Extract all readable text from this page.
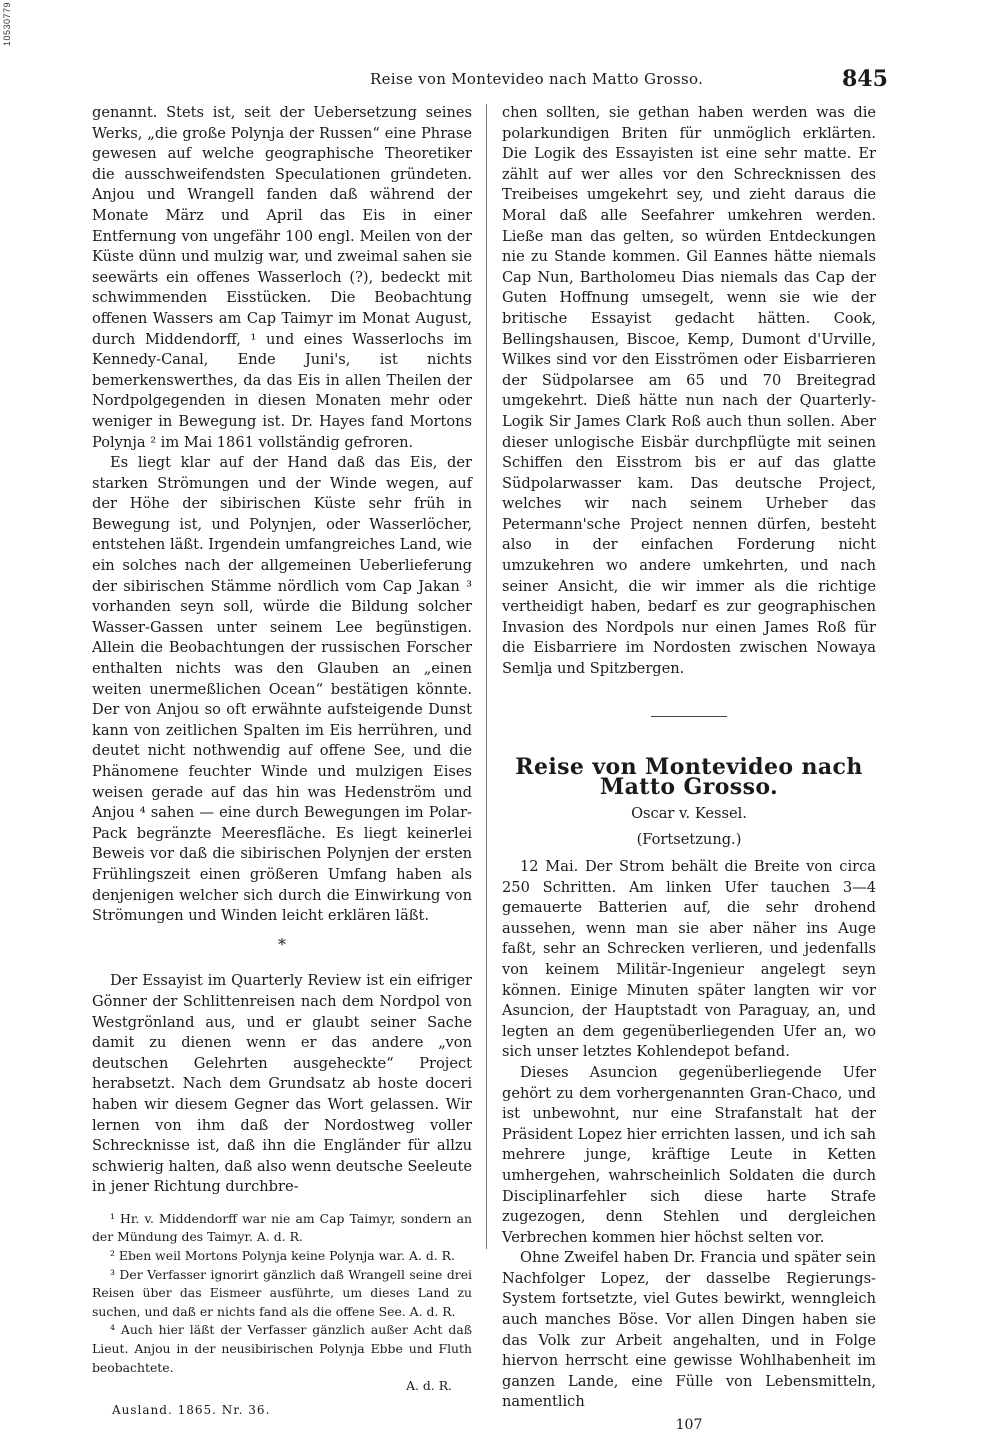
10530779
Reise von Montevideo nach Matto Grosso.	845

genannt. Stets ist, seit der Uebersetzung seines Werks, „die große Polynja der Russen“ eine Phrase gewesen auf welche geographische Theoretiker die ausschweifendsten Speculationen gründeten. Anjou und Wrangell fanden daß während der Monate März und April das Eis in einer Entfernung von ungefähr 100 engl. Meilen von der Küste dünn und mulzig war, und zweimal sahen sie seewärts ein offenes Wasserloch (?), bedeckt mit schwimmenden Eisstücken. Die Beobachtung offenen Wassers am Cap Taimyr im Monat August, durch Middendorff, ¹ und eines Wasserlochs im Kennedy-Canal, Ende Juni's, ist nichts bemerkenswerthes, da das Eis in allen Theilen der Nordpolgegenden in diesen Monaten mehr oder weniger in Bewegung ist. Dr. Hayes fand Mortons Polynja ² im Mai 1861 vollständig gefroren.

Es liegt klar auf der Hand daß das Eis, der starken Strömungen und der Winde wegen, auf der Höhe der sibirischen Küste sehr früh in Bewegung ist, und Polynjen, oder Wasserlöcher, entstehen läßt. Irgendein umfangreiches Land, wie ein solches nach der allgemeinen Ueberlieferung der sibirischen Stämme nördlich vom Cap Jakan ³ vorhanden seyn soll, würde die Bildung solcher Wasser-Gassen unter seinem Lee begünstigen. Allein die Beobachtungen der russischen Forscher enthalten nichts was den Glauben an „einen weiten unermeßlichen Ocean“ bestätigen könnte. Der von Anjou so oft erwähnte aufsteigende Dunst kann von zeitlichen Spalten im Eis herrühren, und deutet nicht nothwendig auf offene See, und die Phänomene feuchter Winde und mulzigen Eises weisen gerade auf das hin was Hedenström und Anjou ⁴ sahen — eine durch Bewegungen im Polar-Pack begränzte Meeresfläche. Es liegt keinerlei Beweis vor daß die sibirischen Polynjen der ersten Frühlingszeit einen größeren Umfang haben als denjenigen welcher sich durch die Einwirkung von Strömungen und Winden leicht erklären läßt.

*

Der Essayist im Quarterly Review ist ein eifriger Gönner der Schlittenreisen nach dem Nordpol von Westgrönland aus, und er glaubt seiner Sache damit zu dienen wenn er das andere „von deutschen Gelehrten ausgeheckte“ Project herabsetzt. Nach dem Grundsatz ab hoste doceri haben wir diesem Gegner das Wort gelassen. Wir lernen von ihm daß der Nordostweg voller Schrecknisse ist, daß ihn die Engländer für allzu schwierig halten, daß also wenn deutsche Seeleute in jener Richtung durchbre-

¹ Hr. v. Middendorff war nie am Cap Taimyr, sondern an der Mündung des Taimyr. A. d. R.

² Eben weil Mortons Polynja keine Polynja war. A. d. R.

³ Der Verfasser ignorirt gänzlich daß Wrangell seine drei Reisen über das Eismeer ausführte, um dieses Land zu suchen, und daß er nichts fand als die offene See. A. d. R.

⁴ Auch hier läßt der Verfasser gänzlich außer Acht daß Lieut. Anjou in der neusibirischen Polynja Ebbe und Fluth beobachtete.

A. d. R.

Ausland. 1865. Nr. 36.

chen sollten, sie gethan haben werden was die polarkundigen Briten für unmöglich erklärten. Die Logik des Essayisten ist eine sehr matte. Er zählt auf wer alles vor den Schrecknissen des Treibeises umgekehrt sey, und zieht daraus die Moral daß alle Seefahrer umkehren werden. Ließe man das gelten, so würden Entdeckungen nie zu Stande kommen. Gil Eannes hätte niemals Cap Nun, Bartholomeu Dias niemals das Cap der Guten Hoffnung umsegelt, wenn sie wie der britische Essayist gedacht hätten. Cook, Bellingshausen, Biscoe, Kemp, Dumont d'Urville, Wilkes sind vor den Eisströmen oder Eisbarrieren der Südpolarsee am 65 und 70 Breitegrad umgekehrt. Dieß hätte nun nach der Quarterly-Logik Sir James Clark Roß auch thun sollen. Aber dieser unlogische Eisbär durchpflügte mit seinen Schiffen den Eisstrom bis er auf das glatte Südpolarwasser kam. Das deutsche Project, welches wir nach seinem Urheber das Petermann'sche Project nennen dürfen, besteht also in der einfachen Forderung nicht umzukehren wo andere umkehrten, und nach seiner Ansicht, die wir immer als die richtige vertheidigt haben, bedarf es zur geographischen Invasion des Nordpols nur einen James Roß für die Eisbarriere im Nordosten zwischen Nowaya Semlja und Spitzbergen.

Reise von Montevideo nach Matto Grosso.
Oscar v. Kessel.
(Fortsetzung.)

12 Mai. Der Strom behält die Breite von circa 250 Schritten. Am linken Ufer tauchen 3—4 gemauerte Batterien auf, die sehr drohend aussehen, wenn man sie aber näher ins Auge faßt, sehr an Schrecken verlieren, und jedenfalls von keinem Militär-Ingenieur angelegt seyn können. Einige Minuten später langten wir vor Asuncion, der Hauptstadt von Paraguay, an, und legten an dem gegenüberliegenden Ufer an, wo sich unser letztes Kohlendepot befand.

Dieses Asuncion gegenüberliegende Ufer gehört zu dem vorhergenannten Gran-Chaco, und ist unbewohnt, nur eine Strafanstalt hat der Präsident Lopez hier errichten lassen, und ich sah mehrere junge, kräftige Leute in Ketten umhergehen, wahrscheinlich Soldaten die durch Disciplinarfehler sich diese harte Strafe zugezogen, denn Stehlen und dergleichen Verbrechen kommen hier höchst selten vor.

Ohne Zweifel haben Dr. Francia und später sein Nachfolger Lopez, der dasselbe Regierungs-System fortsetzte, viel Gutes bewirkt, wenngleich auch manches Böse. Vor allen Dingen haben sie das Volk zur Arbeit angehalten, und in Folge hiervon herrscht eine gewisse Wohlhabenheit im ganzen Lande, eine Fülle von Lebensmitteln, namentlich

107
